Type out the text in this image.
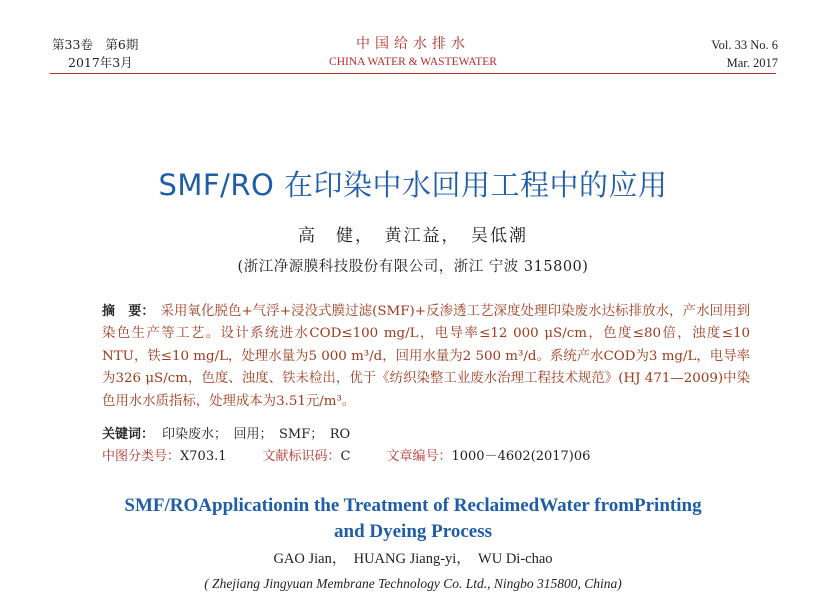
第33卷　第6期
2017年3月
中国给水排水
CHINA WATER & WASTEWATER
Vol. 33 No. 6
Mar. 2017
SMF/RO 在印染中水回用工程中的应用
高　健，　黄江益，　吴低潮
(浙江净源膜科技股份有限公司，浙江 宁波 315800)
摘　要： 采用氧化脱色+气浮+浸没式膜过滤(SMF)+反渗透工艺深度处理印染废水达标排放水，产水回用到染色生产等工艺。设计系统进水COD≤100 mg/L，电导率≤12 000 μS/cm，色度≤80倍，浊度≤10 NTU，铁≤10 mg/L，处理水量为5 000 m³/d，回用水量为2 500 m³/d。系统产水COD为3 mg/L，电导率为326 μS/cm，色度、浊度、铁未检出，优于《纺织染整工业废水治理工程技术规范》(HJ 471—2009)中染色用水水质指标，处理成本为3.51元/m³。
关键词： 印染废水；　回用；　SMF；　RO
中图分类号：X703.1	文献标识码：C	文章编号：1000－4602(2017)06
SMF/ROApplicationin the Treatment of ReclaimedWater fromPrinting
and Dyeing Process
GAO Jian，　HUANG Jiang-yi，　WU Di-chao
( Zhejiang Jingyuan Membrane Technology Co. Ltd., Ningbo 315800, China)
